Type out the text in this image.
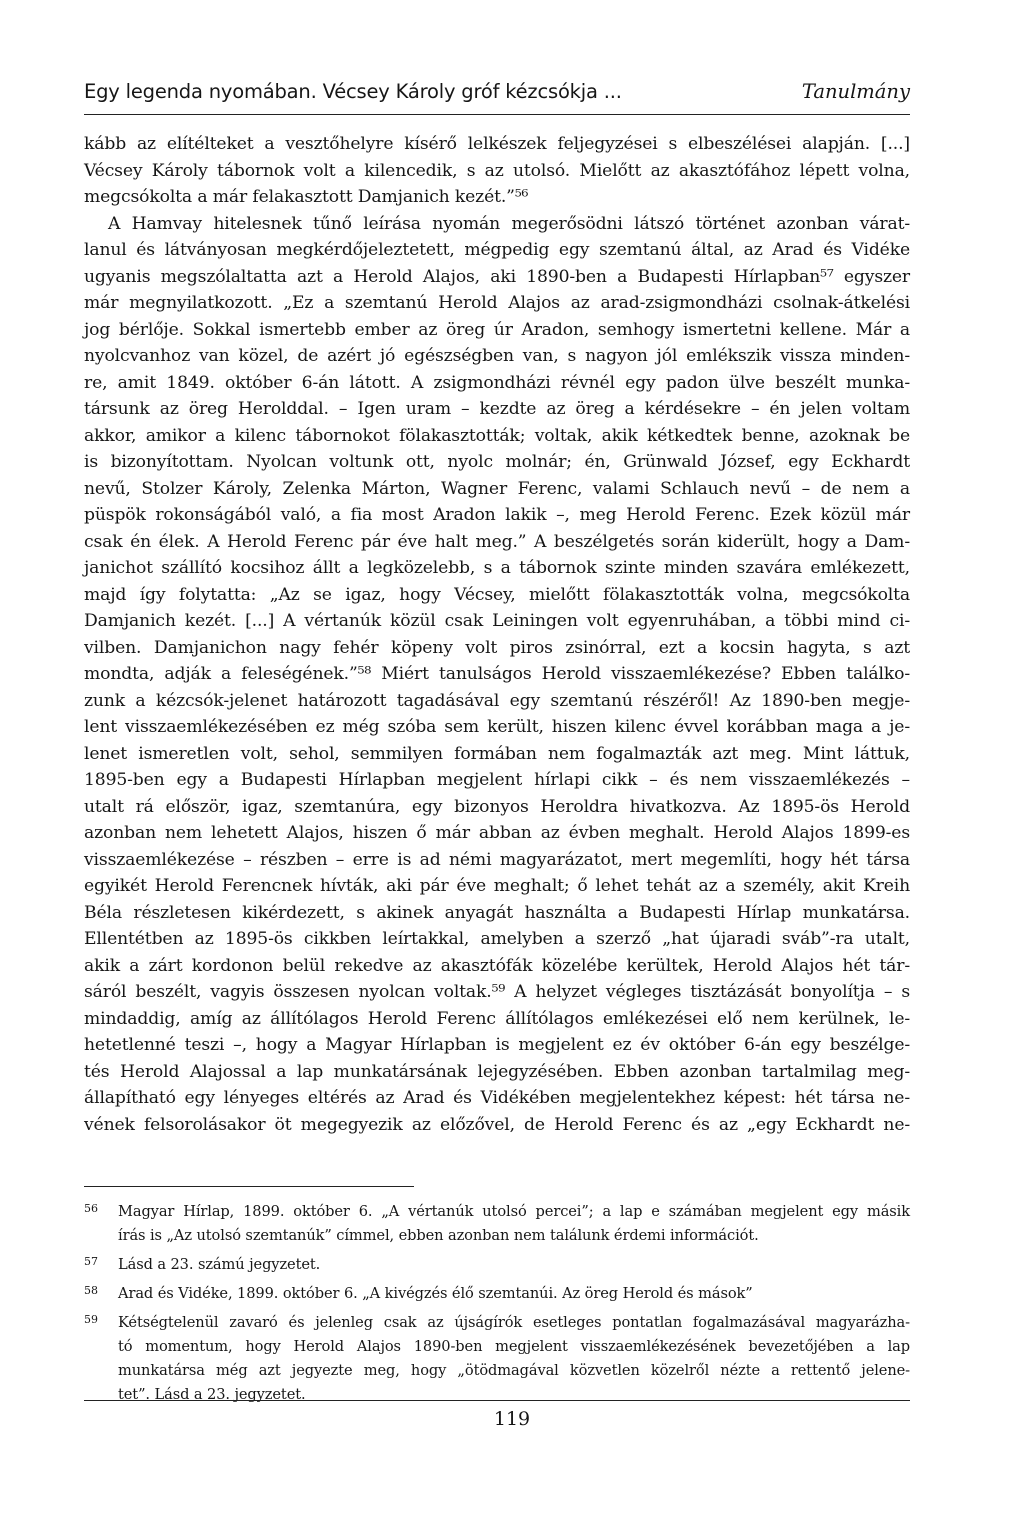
Egy legenda nyomában. Vécsey Károly gróf kézcsókja ...	Tanulmány
kább az elítélteket a vesztőhelyre kísérő lelkészek feljegyzései s elbeszélései alapján. [...]
Vécsey Károly tábornok volt a kilencedik, s az utolsó. Mielőtt az akasztófához lépett volna,
megcsókolta a már felakasztott Damjanich kezét.”⁵⁶
A Hamvay hitelesnek tűnő leírása nyomán megerősödni látszó történet azonban várat-
lanul és látványosan megkérdőjeleztetett, mégpedig egy szemtanú által, az Arad és Vidéke
ugyanis megszólaltatta azt a Herold Alajos, aki 1890-ben a Budapesti Hírlapban⁵⁷ egyszer
már megnyilatkozott. „Ez a szemtanú Herold Alajos az arad-zsigmondházi csolnak-átkelési
jog bérlője. Sokkal ismertebb ember az öreg úr Aradon, semhogy ismertetni kellene. Már a
nyolcvanhoz van közel, de azért jó egészségben van, s nagyon jól emlékszik vissza minden-
re, amit 1849. október 6-án látott. A zsigmondházi révnél egy padon ülve beszélt munka-
társunk az öreg Herolddal. – Igen uram – kezdte az öreg a kérdésekre – én jelen voltam
akkor, amikor a kilenc tábornokot fölakasztották; voltak, akik kétkedtek benne, azoknak be
is bizonyítottam. Nyolcan voltunk ott, nyolc molnár; én, Grünwald József, egy Eckhardt
nevű, Stolzer Károly, Zelenka Márton, Wagner Ferenc, valami Schlauch nevű – de nem a
püspök rokonságából való, a fia most Aradon lakik –, meg Herold Ferenc. Ezek közül már
csak én élek. A Herold Ferenc pár éve halt meg.” A beszélgetés során kiderült, hogy a Dam-
janichot szállító kocsihoz állt a legközelebb, s a tábornok szinte minden szavára emlékezett,
majd így folytatta: „Az se igaz, hogy Vécsey, mielőtt fölakasztották volna, megcsókolta
Damjanich kezét. [...] A vértanúk közül csak Leiningen volt egyenruhában, a többi mind ci-
vilben. Damjanichon nagy fehér köpeny volt piros zsinórral, ezt a kocsin hagyta, s azt
mondta, adják a feleségének.”⁵⁸ Miért tanulságos Herold visszaemlékezése? Ebben találko-
zunk a kézcsók-jelenet határozott tagadásával egy szemtanú részéről! Az 1890-ben megje-
lent visszaemlékezésében ez még szóba sem került, hiszen kilenc évvel korábban maga a je-
lenet ismeretlen volt, sehol, semmilyen formában nem fogalmazták azt meg. Mint láttuk,
1895-ben egy a Budapesti Hírlapban megjelent hírlapi cikk – és nem visszaemlékezés –
utalt rá először, igaz, szemtanúra, egy bizonyos Heroldra hivatkozva. Az 1895-ös Herold
azonban nem lehetett Alajos, hiszen ő már abban az évben meghalt. Herold Alajos 1899-es
visszaemlékezése – részben – erre is ad némi magyarázatot, mert megemlíti, hogy hét társa
egyikét Herold Ferencnek hívták, aki pár éve meghalt; ő lehet tehát az a személy, akit Kreih
Béla részletesen kikérdezett, s akinek anyagát használta a Budapesti Hírlap munkatársa.
Ellentétben az 1895-ös cikkben leírtakkal, amelyben a szerző „hat újaradi sváb”-ra utalt,
akik a zárt kordonon belül rekedve az akasztófák közelébe kerültek, Herold Alajos hét tár-
sáról beszélt, vagyis összesen nyolcan voltak.⁵⁹ A helyzet végleges tisztázását bonyolítja – s
mindaddig, amíg az állítólagos Herold Ferenc állítólagos emlékezései elő nem kerülnek, le-
hetetlenné teszi –, hogy a Magyar Hírlapban is megjelent ez év október 6-án egy beszélge-
tés Herold Alajossal a lap munkatársának lejegyzésében. Ebben azonban tartalmilag meg-
állapítható egy lényeges eltérés az Arad és Vidékében megjelentekhez képest: hét társa ne-
vének felsorolásakor öt megegyezik az előzővel, de Herold Ferenc és az „egy Eckhardt ne-
56 Magyar Hírlap, 1899. október 6. „A vértanúk utolsó percei”; a lap e számában megjelent egy másik
írás is „Az utolsó szemtanúk” címmel, ebben azonban nem találunk érdemi információt.
57 Lásd a 23. számú jegyzetet.
58 Arad és Vidéke, 1899. október 6. „A kivégzés élő szemtanúi. Az öreg Herold és mások”
59 Kétségtelenül zavaró és jelenleg csak az újságírók esetleges pontatlan fogalmazásával magyarázha-
tó momentum, hogy Herold Alajos 1890-ben megjelent visszaemlékezésének bevezetőjében a lap
munkatársa még azt jegyezte meg, hogy „ötödmagával közvetlen közelről nézte a rettentő jelene-
tet”. Lásd a 23. jegyzetet.
119
